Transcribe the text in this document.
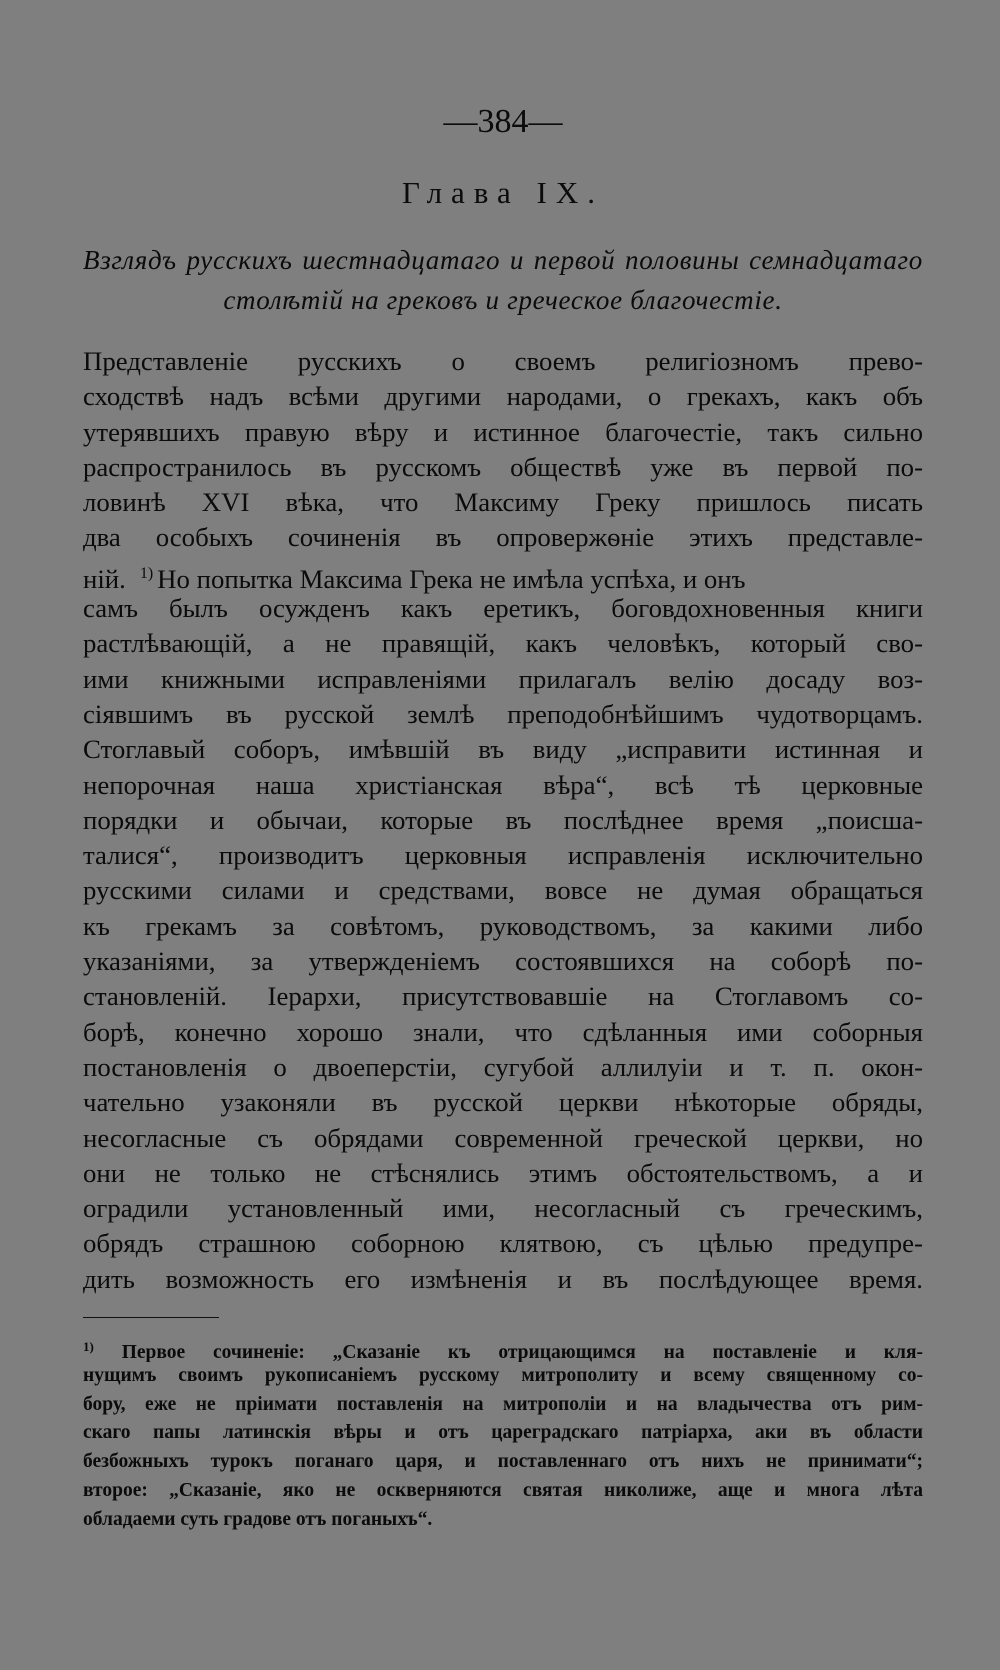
—384—
Глава IX.
Взглядъ русскихъ шестнадцатаго и первой половины семнадцатаго столѣтій на грековъ и греческое благочестіе.
Представленіе русскихъ о своемъ религіозномъ прево-
сходствѣ надъ всѣми другими народами, о грекахъ, какъ объ
утерявшихъ правую вѣру и истинное благочестіе, такъ сильно
распространилось въ русскомъ обществѣ уже въ первой по-
ловинѣ XVI вѣка, что Максиму Греку пришлось писать
два особыхъ сочиненія въ опровержѳніе этихъ представле-
ній. $^{1)}$ Но попытка Максима Грека не имѣла успѣха, и онъ
самъ былъ осужденъ какъ еретикъ, боговдохновенныя книги
растлѣвающій, а не правящій, какъ человѣкъ, который сво-
ими книжными исправленіями прилагалъ велію досаду воз-
сіявшимъ въ русской землѣ преподобнѣйшимъ чудотворцамъ.
Стоглавый соборъ, имѣвшій въ виду „исправити истинная и
непорочная наша христіанская вѣра“, всѣ тѣ церковные
порядки и обычаи, которые въ послѣднее время „поисша-
талися“, производитъ церковныя исправленія исключительно
русскими силами и средствами, вовсе не думая обращаться
къ грекамъ за совѣтомъ, руководствомъ, за какими либо
указаніями, за утвержденіемъ состоявшихся на соборѣ по-
становленій. Іерархи, присутствовавшіе на Стоглавомъ со-
борѣ, конечно хорошо знали, что сдѣланныя ими соборныя
постановленія о двоеперстіи, сугубой аллилуіи и т. п. окон-
чательно узаконяли въ русской церкви нѣкоторые обряды,
несогласные съ обрядами современной греческой церкви, но
они не только не стѣснялись этимъ обстоятельствомъ, а и
оградили установленный ими, несогласный съ греческимъ,
обрядъ страшною соборною клятвою, съ цѣлью предупре-
дить возможность его измѣненія и въ послѣдующее время.
$^{1)}$ Первое сочиненіе: „Сказаніе къ отрицающимся на поставленіе и кля-
нущимъ своимъ рукописаніемъ русскому митрополиту и всему священному со-
бору, еже не пріимати поставленія на митрополіи и на владычества отъ рим-
скаго папы латинскія вѣры и отъ цареградскаго патріарха, аки въ области
безбожныхъ турокъ поганаго царя, и поставленнаго отъ нихъ не принимати“;
второе: „Сказаніе, яко не оскверняются святая николиже, аще и многа лѣта
обладаеми суть градове отъ поганыхъ“.
